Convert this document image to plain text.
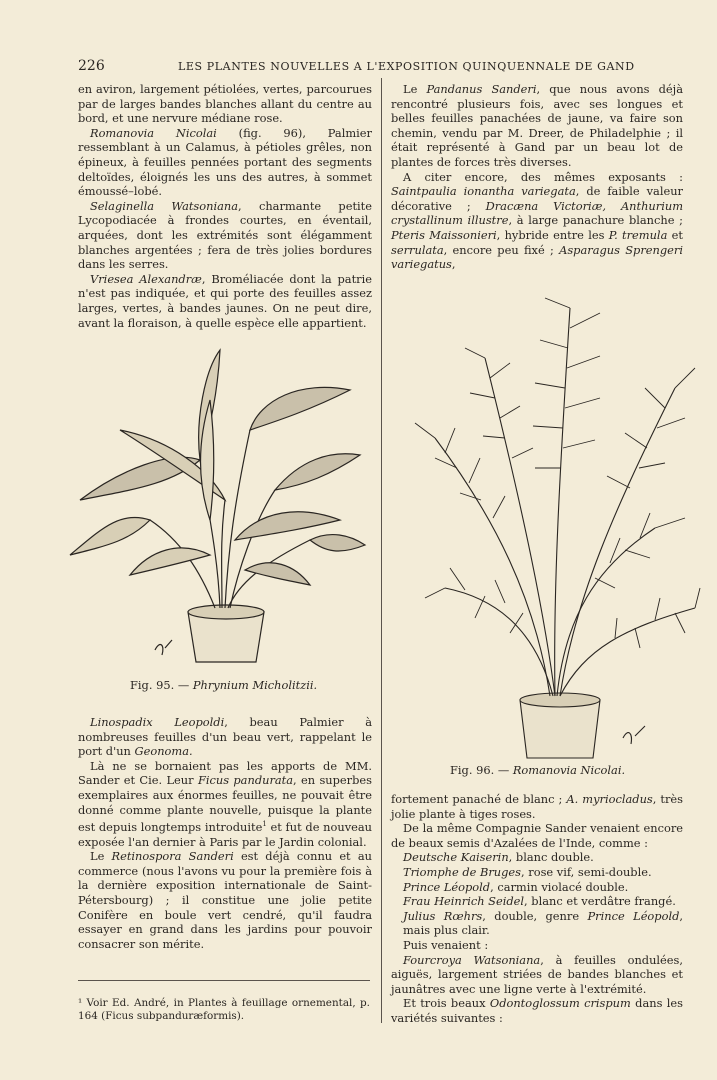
226	LES PLANTES NOUVELLES A L'EXPOSITION QUINQUENNALE DE GAND

en aviron, largement pétiolées, vertes, parcourues par de larges bandes blanches allant du centre au bord, et une nervure médiane rose.

Romanovia Nicolai (fig. 96), Palmier ressemblant à un Calamus, à pétioles grêles, non épineux, à feuilles pennées portant des segments deltoïdes, éloignés les uns des autres, à sommet émoussé–lobé.

Selaginella Watsoniana, charmante petite Lycopodiacée à frondes courtes, en éventail, arquées, dont les extrémités sont élégamment blanches argentées ; fera de très jolies bordures dans les serres.

Vriesea Alexandræ, Broméliacée dont la patrie n'est pas indiquée, et qui porte des feuilles assez larges, vertes, à bandes jaunes. On ne peut dire, avant la floraison, à quelle espèce elle appartient.

Fig. 95. — Phrynium Micholitzii.

Linospadix Leopoldi, beau Palmier à nombreuses feuilles d'un beau vert, rappelant le port d'un Geonoma.

Là ne se bornaient pas les apports de MM. Sander et Cie. Leur Ficus pandurata, en superbes exemplaires aux énormes feuilles, ne pouvait être donné comme plante nouvelle, puisque la plante est depuis longtemps introduite$^1$ et fut de nouveau exposée l'an dernier à Paris par le Jardin colonial.

Le Retinospora Sanderi est déjà connu et au commerce (nous l'avons vu pour la première fois à la dernière exposition internationale de Saint-Pétersbourg) ; il constitue une jolie petite Conifère en boule vert cendré, qu'il faudra essayer en grand dans les jardins pour pouvoir consacrer son mérite.

¹ Voir Ed. André, in Plantes à feuillage ornemental, p. 164 (Ficus subpanduræformis).

Le Pandanus Sanderi, que nous avons déjà rencontré plusieurs fois, avec ses longues et belles feuilles panachées de jaune, va faire son chemin, vendu par M. Dreer, de Philadelphie ; il était représenté à Gand par un beau lot de plantes de forces très diverses.

A citer encore, des mêmes exposants : Saintpaulia ionantha variegata, de faible valeur décorative ; Dracæna Victoriæ, Anthurium crystallinum illustre, à large panachure blanche ; Pteris Maissonieri, hybride entre les P. tremula et serrulata, encore peu fixé ; Asparagus Sprengeri variegatus,

Fig. 96. — Romanovia Nicolai.

fortement panaché de blanc ; A. myriocladus, très jolie plante à tiges roses.

De la même Compagnie Sander venaient encore de beaux semis d'Azalées de l'Inde, comme :

Deutsche Kaiserin, blanc double.

Triomphe de Bruges, rose vif, semi-double.

Prince Léopold, carmin violacé double.

Frau Heinrich Seidel, blanc et verdâtre frangé.

Julius Rœhrs, double, genre Prince Léopold, mais plus clair.

Puis venaient :

Fourcroya Watsoniana, à feuilles ondulées, aiguës, largement striées de bandes blanches et jaunâtres avec une ligne verte à l'extrémité.

Et trois beaux Odontoglossum crispum dans les variétés suivantes :
